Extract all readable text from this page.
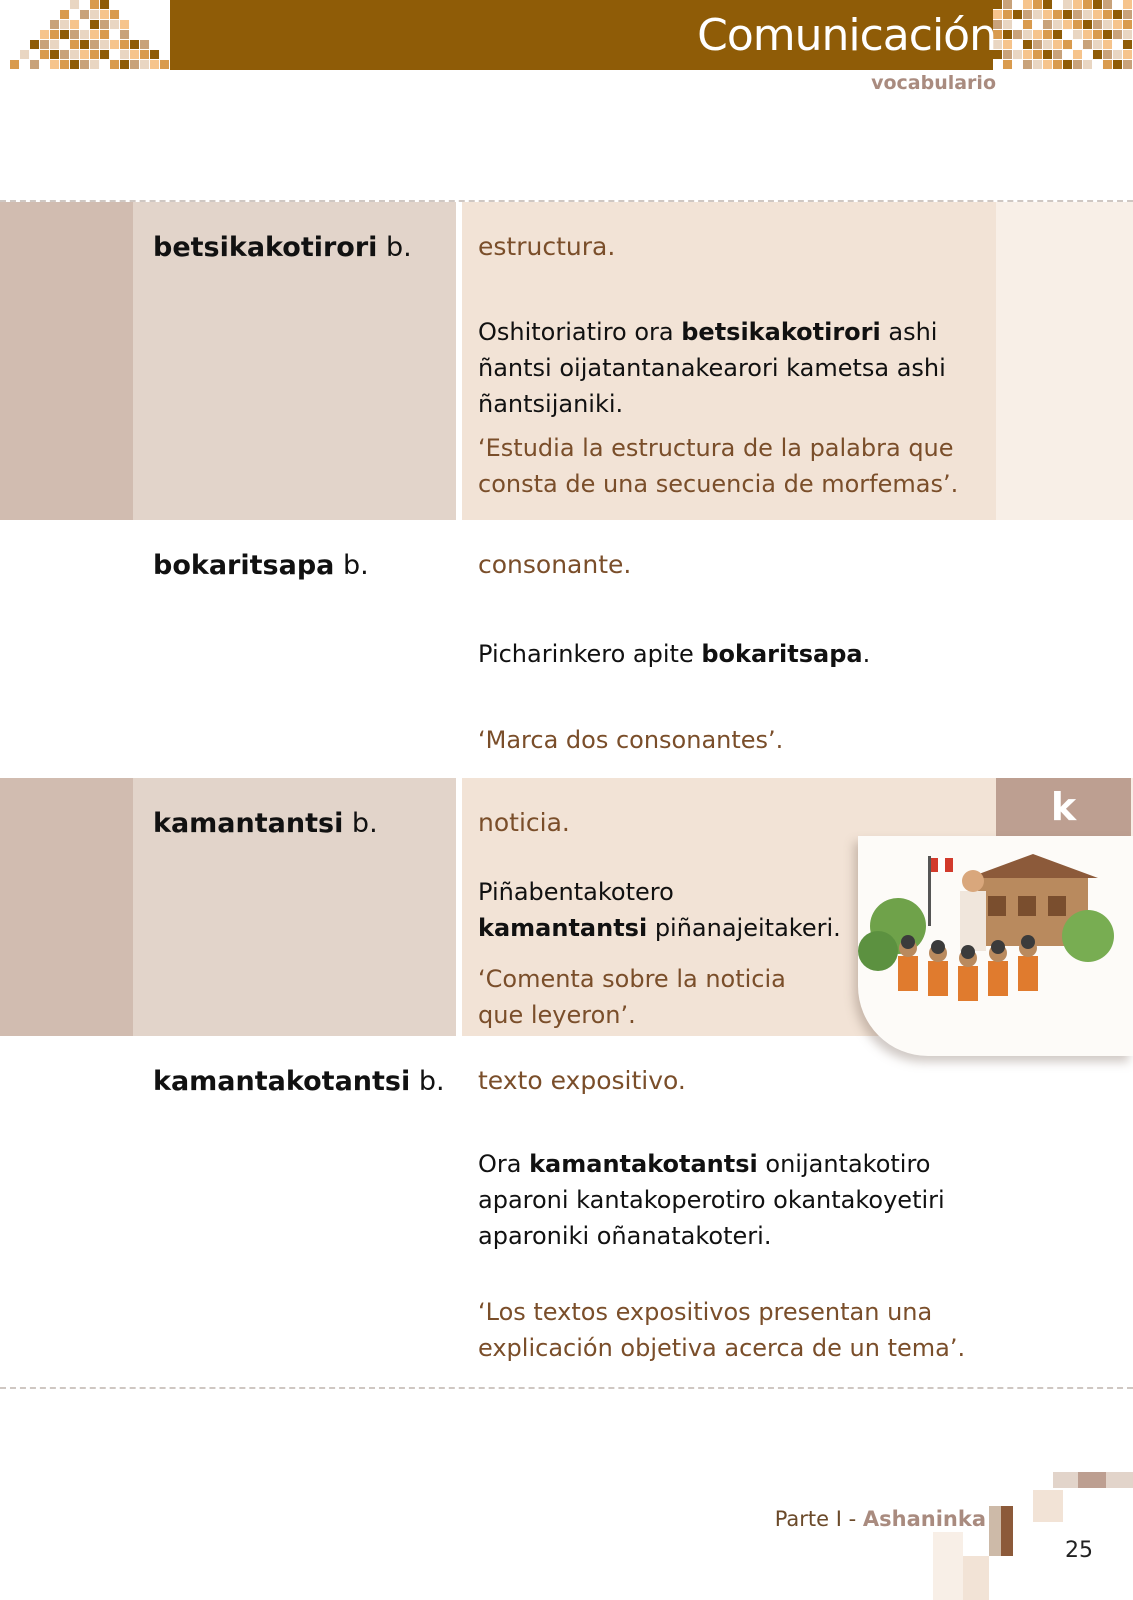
Comunicación
vocabulario
betsikakotirori b.	estructura.
Oshitoriatiro ora betsikakotirori ashi ñantsi oijatantanakearori kametsa ashi ñantsijaniki.
‘Estudia la estructura de la palabra que consta de una secuencia de morfemas’.
bokaritsapa b.	consonante.
Picharinkero apite bokaritsapa.
‘Marca dos consonantes’.
k
kamantantsi b.	noticia.
Piñabentakotero kamantantsi piñanajeitakeri.
‘Comenta sobre la noticia que leyeron’.
kamantakotantsi b. texto expositivo.
Ora kamantakotantsi onijantakotiro aparoni kantakoperotiro okantakoyetiri aparoniki oñanatakoteri.
‘Los textos expositivos presentan una explicación objetiva acerca de un tema’.
Parte I - Ashaninka
25
